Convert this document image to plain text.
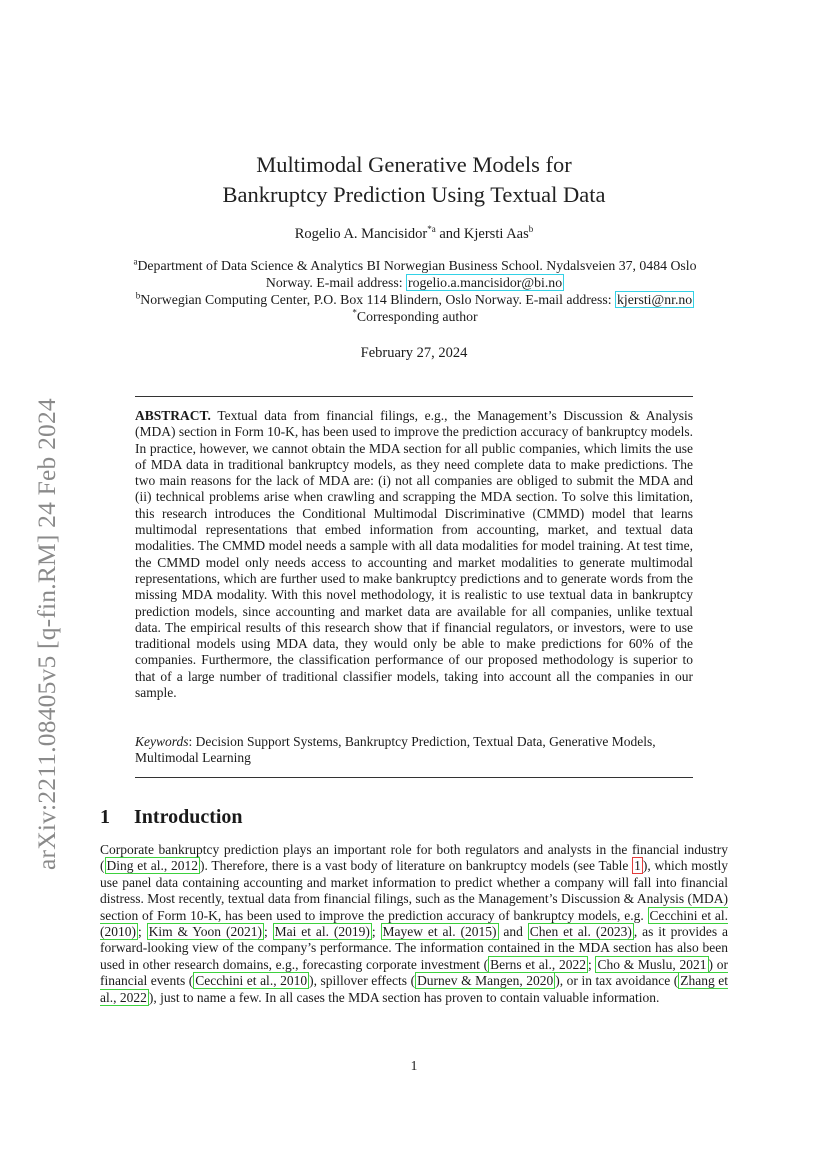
arXiv:2211.08405v5 [q-fin.RM] 24 Feb 2024
Multimodal Generative Models for
Bankruptcy Prediction Using Textual Data
Rogelio A. Mancisidor$^{*a}$ and Kjersti Aas$^b$
$^a$Department of Data Science & Analytics BI Norwegian Business School. Nydalsveien 37, 0484 Oslo
Norway. E-mail address: rogelio.a.mancisidor@bi.no
$^b$Norwegian Computing Center, P.O. Box 114 Blindern, Oslo Norway. E-mail address: kjersti@nr.no
*Corresponding author
February 27, 2024
ABSTRACT. Textual data from financial filings, e.g., the Management’s Discussion & Analysis (MDA) section in Form 10-K, has been used to improve the prediction accuracy of bankruptcy models. In practice, however, we cannot obtain the MDA section for all public companies, which limits the use of MDA data in traditional bankruptcy models, as they need complete data to make predictions. The two main reasons for the lack of MDA are: (i) not all companies are obliged to submit the MDA and (ii) technical problems arise when crawling and scrapping the MDA section. To solve this limitation, this research introduces the Conditional Multimodal Discriminative (CMMD) model that learns multimodal representations that embed information from accounting, market, and textual data modalities. The CMMD model needs a sample with all data modalities for model training. At test time, the CMMD model only needs access to accounting and market modalities to generate multimodal representations, which are further used to make bankruptcy predictions and to generate words from the missing MDA modality. With this novel methodology, it is realistic to use textual data in bankruptcy prediction models, since accounting and market data are available for all companies, unlike textual data. The empirical results of this research show that if financial regulators, or investors, were to use traditional models using MDA data, they would only be able to make predictions for 60% of the companies. Furthermore, the classification performance of our proposed methodology is superior to that of a large number of traditional classifier models, taking into account all the companies in our sample.
Keywords: Decision Support Systems, Bankruptcy Prediction, Textual Data, Generative Models, Multimodal Learning
1 Introduction
Corporate bankruptcy prediction plays an important role for both regulators and analysts in the financial industry ( Ding et al., 2012 ). Therefore, there is a vast body of literature on bankruptcy models (see Table 1 ), which mostly use panel data containing accounting and market information to predict whether a company will fall into financial distress. Most recently, textual data from financial filings, such as the Management’s Discussion & Analysis (MDA) section of Form 10-K, has been used to improve the prediction accuracy of bankruptcy models, e.g. Cecchini et al. (2010) ; Kim & Yoon (2021) ; Mai et al. (2019) ; Mayew et al. (2015) and Chen et al. (2023) , as it provides a forward-looking view of the company’s performance. The information contained in the MDA section has also been used in other research domains, e.g., forecasting corporate investment ( Berns et al., 2022 ; Cho & Muslu, 2021 ) or financial events ( Cecchini et al., 2010 ), spillover effects ( Durnev & Mangen, 2020 ), or in tax avoidance ( Zhang et al., 2022 ), just to name a few. In all cases the MDA section has proven to contain valuable information.
1
